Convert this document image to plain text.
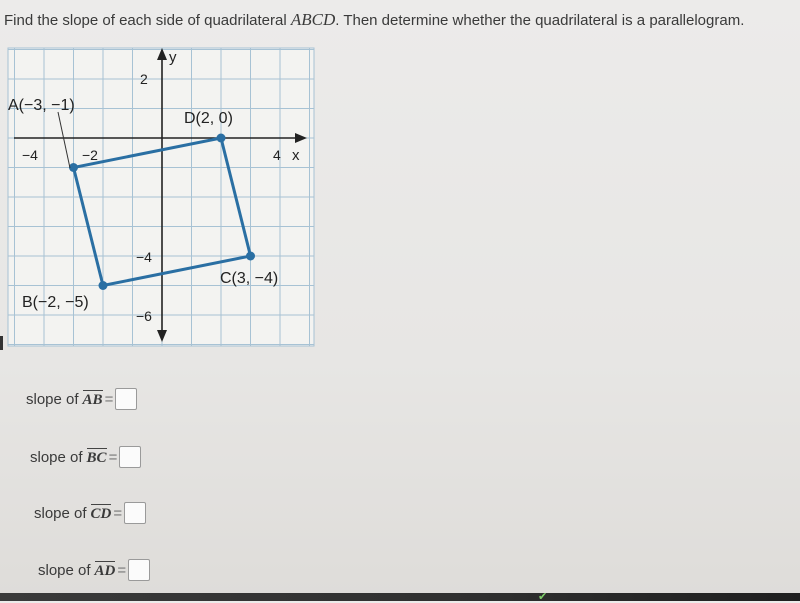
Find the slope of each side of quadrilateral ABCD. Then determine whether the quadrilateral is a parallelogram.
y
x
−4	−2	4
2
−4
−6
A(−3, −1)
D(2, 0)
C(3, −4)
B(−2, −5)
slope of AB =
slope of BC =
slope of CD =
slope of AD =
✔
